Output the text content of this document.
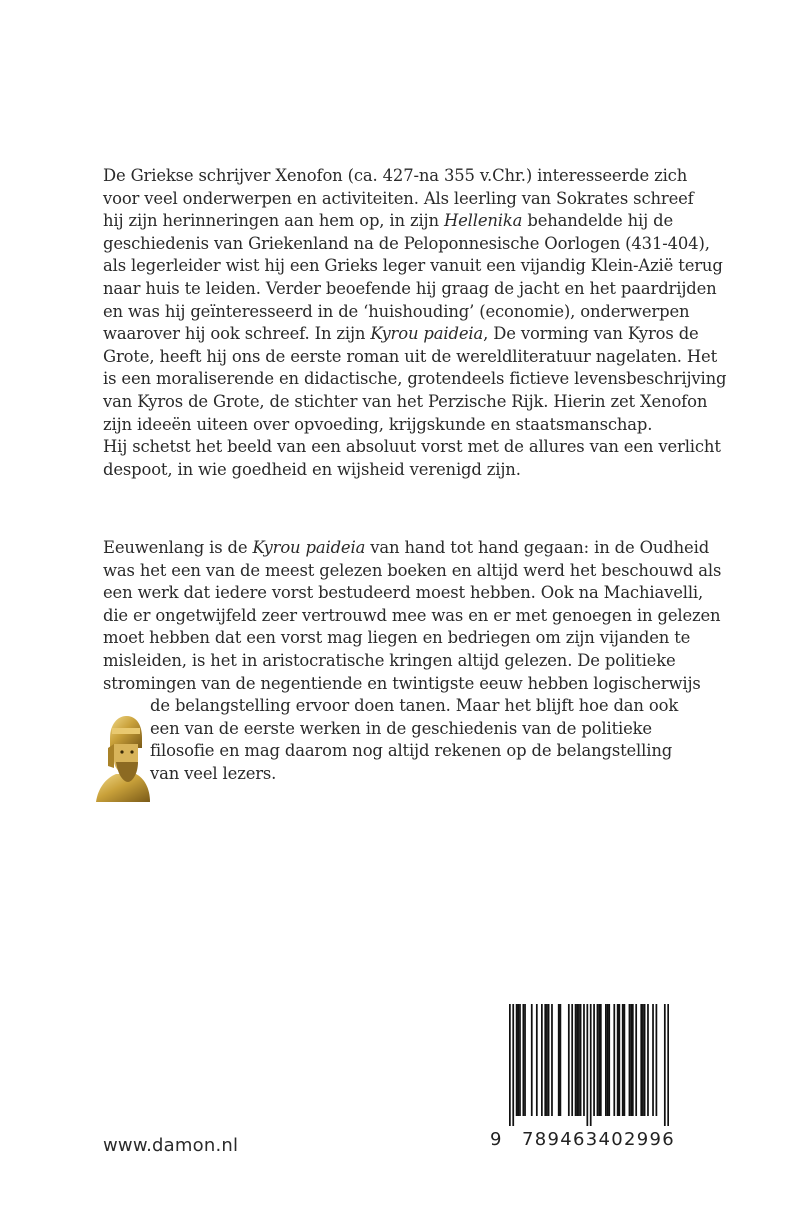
De Griekse schrijver Xenofon (ca. 427-na 355 v.Chr.) interesseerde zich
voor veel onderwerpen en activiteiten. Als leerling van Sokrates schreef
hij zijn herinneringen aan hem op, in zijn Hellenika behandelde hij de
geschiedenis van Griekenland na de Peloponnesische Oorlogen (431-404),
als legerleider wist hij een Grieks leger vanuit een vijandig Klein-Azië terug
naar huis te leiden. Verder beoefende hij graag de jacht en het paardrijden
en was hij geïnteresseerd in de ‘huishouding’ (economie), onderwerpen
waarover hij ook schreef. In zijn Kyrou paideia, De vorming van Kyros de
Grote, heeft hij ons de eerste roman uit de wereldliteratuur nagelaten. Het
is een moraliserende en didactische, grotendeels fictieve levensbeschrijving
van Kyros de Grote, de stichter van het Perzische Rijk. Hierin zet Xenofon
zijn ideeën uiteen over opvoeding, krijgskunde en staatsmanschap.
Hij schetst het beeld van een absoluut vorst met de allures van een verlicht
despoot, in wie goedheid en wijsheid verenigd zijn.
Eeuwenlang is de Kyrou paideia van hand tot hand gegaan: in de Oudheid
was het een van de meest gelezen boeken en altijd werd het beschouwd als
een werk dat iedere vorst bestudeerd moest hebben. Ook na Machiavelli,
die er ongetwijfeld zeer vertrouwd mee was en er met genoegen in gelezen
moet hebben dat een vorst mag liegen en bedriegen om zijn vijanden te
misleiden, is het in aristocratische kringen altijd gelezen. De politieke
stromingen van de negentiende en twintigste eeuw hebben logischerwijs
de belangstelling ervoor doen tanen. Maar het blijft hoe dan ook
een van de eerste werken in de geschiedenis van de politieke
filosofie en mag daarom nog altijd rekenen op de belangstelling
van veel lezers.
www.damon.nl	9 789463402996
